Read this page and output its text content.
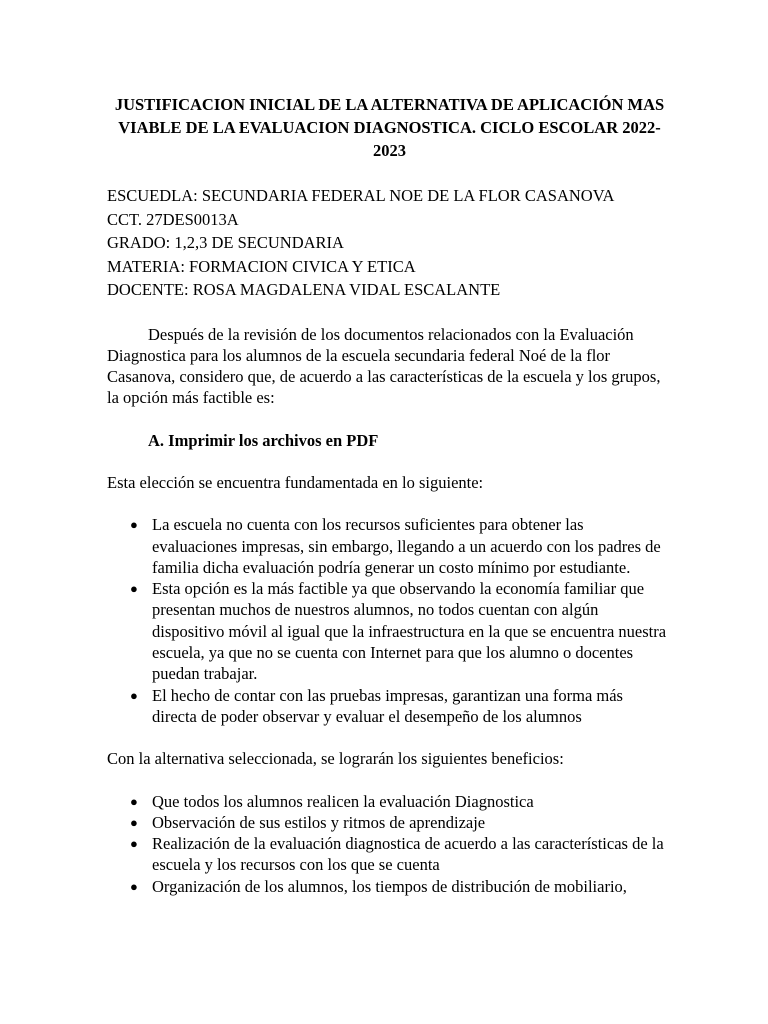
JUSTIFICACION INICIAL DE LA ALTERNATIVA DE APLICACIÓN MAS VIABLE DE LA EVALUACION DIAGNOSTICA. CICLO ESCOLAR 2022-2023

ESCUEDLA: SECUNDARIA FEDERAL NOE DE LA FLOR CASANOVA

CCT. 27DES0013A

GRADO: 1,2,3 DE SECUNDARIA

MATERIA: FORMACION CIVICA Y ETICA

DOCENTE: ROSA MAGDALENA VIDAL ESCALANTE

Después de la revisión de los documentos relacionados con la Evaluación Diagnostica para los alumnos de la escuela secundaria federal Noé de la flor Casanova, considero que, de acuerdo a las características de la escuela y los grupos, la opción más factible es:

A. Imprimir los archivos en PDF

Esta elección se encuentra fundamentada en lo siguiente:

● La escuela no cuenta con los recursos suficientes para obtener las evaluaciones impresas, sin embargo, llegando a un acuerdo con los padres de familia dicha evaluación podría generar un costo mínimo por estudiante.
● Esta opción es la más factible ya que observando la economía familiar que presentan muchos de nuestros alumnos, no todos cuentan con algún dispositivo móvil al igual que la infraestructura en la que se encuentra nuestra escuela, ya que no se cuenta con Internet para que los alumno o docentes puedan trabajar.
● El hecho de contar con las pruebas impresas, garantizan una forma más directa de poder observar y evaluar el desempeño de los alumnos

Con la alternativa seleccionada, se lograrán los siguientes beneficios:

● Que todos los alumnos realicen la evaluación Diagnostica
● Observación de sus estilos y ritmos de aprendizaje
● Realización de la evaluación diagnostica de acuerdo a las características de la escuela y los recursos con los que se cuenta
● Organización de los alumnos, los tiempos de distribución de mobiliario,
